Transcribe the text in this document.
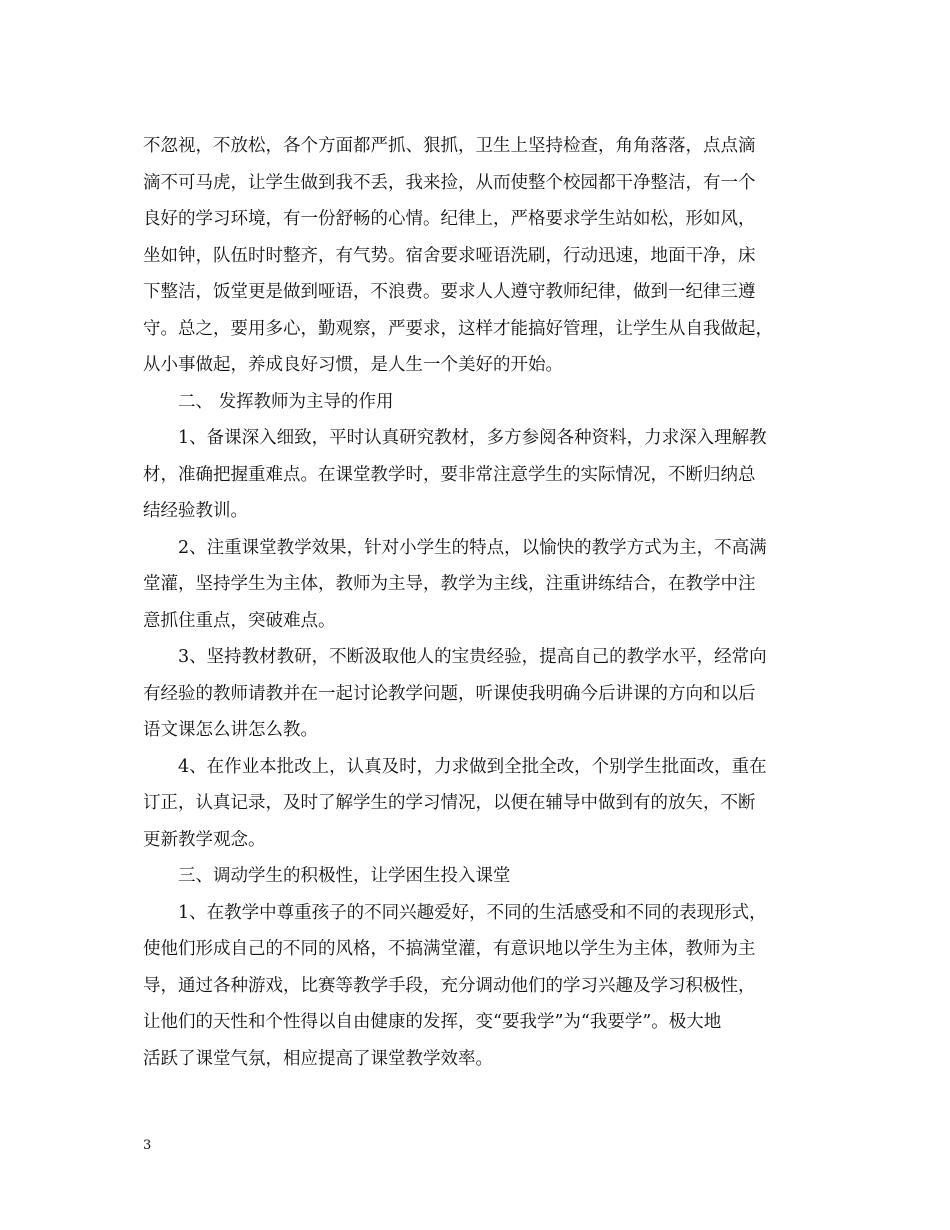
不忽视，不放松，各个方面都严抓、狠抓，卫生上坚持检查，角角落落，点点滴
滴不可马虎，让学生做到我不丢，我来捡，从而使整个校园都干净整洁，有一个
良好的学习环境，有一份舒畅的心情。纪律上，严格要求学生站如松，形如风，
坐如钟，队伍时时整齐，有气势。宿舍要求哑语洗刷，行动迅速，地面干净，床
下整洁，饭堂更是做到哑语，不浪费。要求人人遵守教师纪律，做到一纪律三遵
守。总之，要用多心，勤观察，严要求，这样才能搞好管理，让学生从自我做起，
从小事做起，养成良好习惯，是人生一个美好的开始。
二、 发挥教师为主导的作用
1、备课深入细致，平时认真研究教材，多方参阅各种资料，力求深入理解教
材，准确把握重难点。在课堂教学时，要非常注意学生的实际情况，不断归纳总
结经验教训。
2、注重课堂教学效果，针对小学生的特点，以愉快的教学方式为主，不高满
堂灌，坚持学生为主体，教师为主导，教学为主线，注重讲练结合，在教学中注
意抓住重点，突破难点。
3、坚持教材教研，不断汲取他人的宝贵经验，提高自己的教学水平，经常向
有经验的教师请教并在一起讨论教学问题，听课使我明确今后讲课的方向和以后
语文课怎么讲怎么教。
4、在作业本批改上，认真及时，力求做到全批全改，个别学生批面改，重在
订正，认真记录，及时了解学生的学习情况，以便在辅导中做到有的放矢，不断
更新教学观念。
三、调动学生的积极性，让学困生投入课堂
1、在教学中尊重孩子的不同兴趣爱好，不同的生活感受和不同的表现形式，
使他们形成自己的不同的风格，不搞满堂灌，有意识地以学生为主体，教师为主
导，通过各种游戏，比赛等教学手段，充分调动他们的学习兴趣及学习积极性，
让他们的天性和个性得以自由健康的发挥，变“要我学”为“我要学”。极大地
活跃了课堂气氛，相应提高了课堂教学效率。
3
